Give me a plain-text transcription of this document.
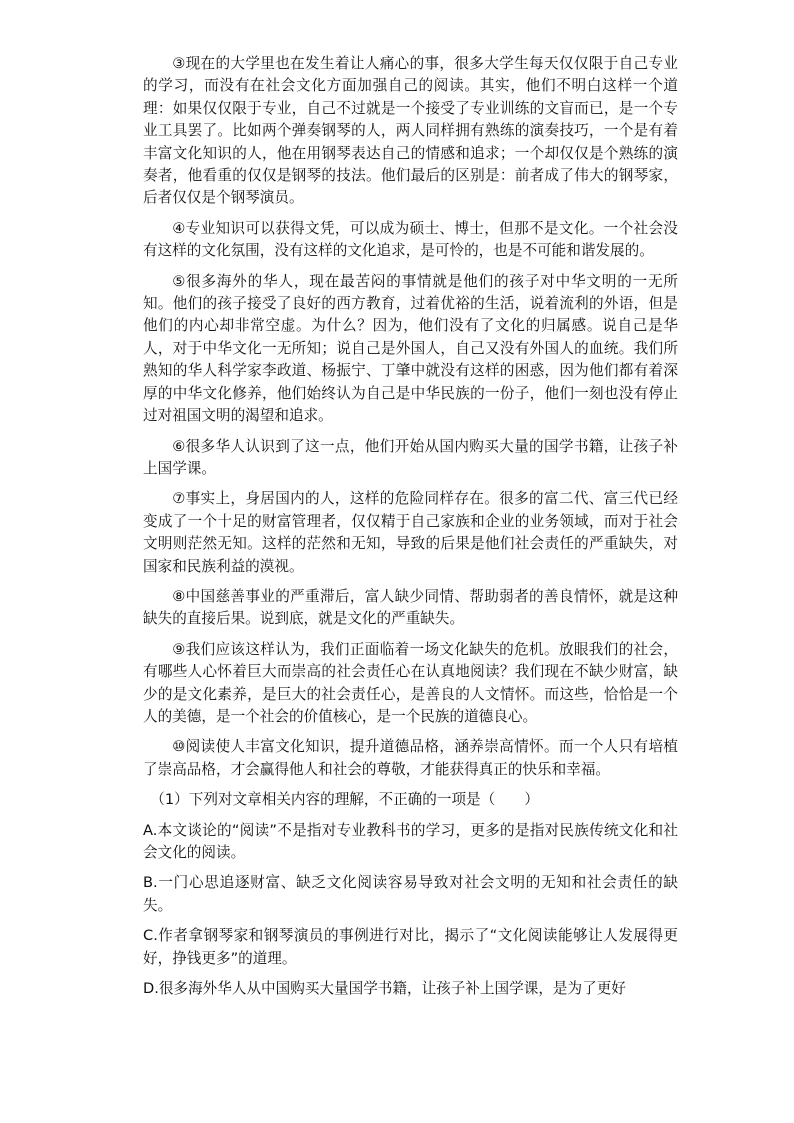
③现在的大学里也在发生着让人痛心的事，很多大学生每天仅仅限于自己专业的学习，而没有在社会文化方面加强自己的阅读。其实，他们不明白这样一个道理：如果仅仅限于专业，自己不过就是一个接受了专业训练的文盲而已，是一个专业工具罢了。比如两个弹奏钢琴的人，两人同样拥有熟练的演奏技巧，一个是有着丰富文化知识的人，他在用钢琴表达自己的情感和追求；一个却仅仅是个熟练的演奏者，他看重的仅仅是钢琴的技法。他们最后的区别是：前者成了伟大的钢琴家，后者仅仅是个钢琴演员。

④专业知识可以获得文凭，可以成为硕士、博士，但那不是文化。一个社会没有这样的文化氛围，没有这样的文化追求，是可怜的，也是不可能和谐发展的。

⑤很多海外的华人，现在最苦闷的事情就是他们的孩子对中华文明的一无所知。他们的孩子接受了良好的西方教育，过着优裕的生活，说着流利的外语，但是他们的内心却非常空虚。为什么？因为，他们没有了文化的归属感。说自己是华人，对于中华文化一无所知；说自己是外国人，自己又没有外国人的血统。我们所熟知的华人科学家李政道、杨振宁、丁肇中就没有这样的困惑，因为他们都有着深厚的中华文化修养，他们始终认为自己是中华民族的一份子，他们一刻也没有停止过对祖国文明的渴望和追求。

⑥很多华人认识到了这一点，他们开始从国内购买大量的国学书籍，让孩子补上国学课。

⑦事实上，身居国内的人，这样的危险同样存在。很多的富二代、富三代已经变成了一个十足的财富管理者，仅仅精于自己家族和企业的业务领域，而对于社会文明则茫然无知。这样的茫然和无知，导致的后果是他们社会责任的严重缺失，对国家和民族利益的漠视。

⑧中国慈善事业的严重滞后，富人缺少同情、帮助弱者的善良情怀，就是这种缺失的直接后果。说到底，就是文化的严重缺失。

⑨我们应该这样认为，我们正面临着一场文化缺失的危机。放眼我们的社会，有哪些人心怀着巨大而崇高的社会责任心在认真地阅读？我们现在不缺少财富，缺少的是文化素养，是巨大的社会责任心，是善良的人文情怀。而这些，恰恰是一个人的美德，是一个社会的价值核心，是一个民族的道德良心。

⑩阅读使人丰富文化知识，提升道德品格，涵养崇高情怀。而一个人只有培植了崇高品格，才会赢得他人和社会的尊敬，才能获得真正的快乐和幸福。

（1）下列对文章相关内容的理解，不正确的一项是（　　）

A.本文谈论的“阅读”不是指对专业教科书的学习，更多的是指对民族传统文化和社会文化的阅读。

B.一门心思追逐财富、缺乏文化阅读容易导致对社会文明的无知和社会责任的缺失。

C.作者拿钢琴家和钢琴演员的事例进行对比，揭示了“文化阅读能够让人发展得更好，挣钱更多”的道理。

D.很多海外华人从中国购买大量国学书籍，让孩子补上国学课，是为了更好
